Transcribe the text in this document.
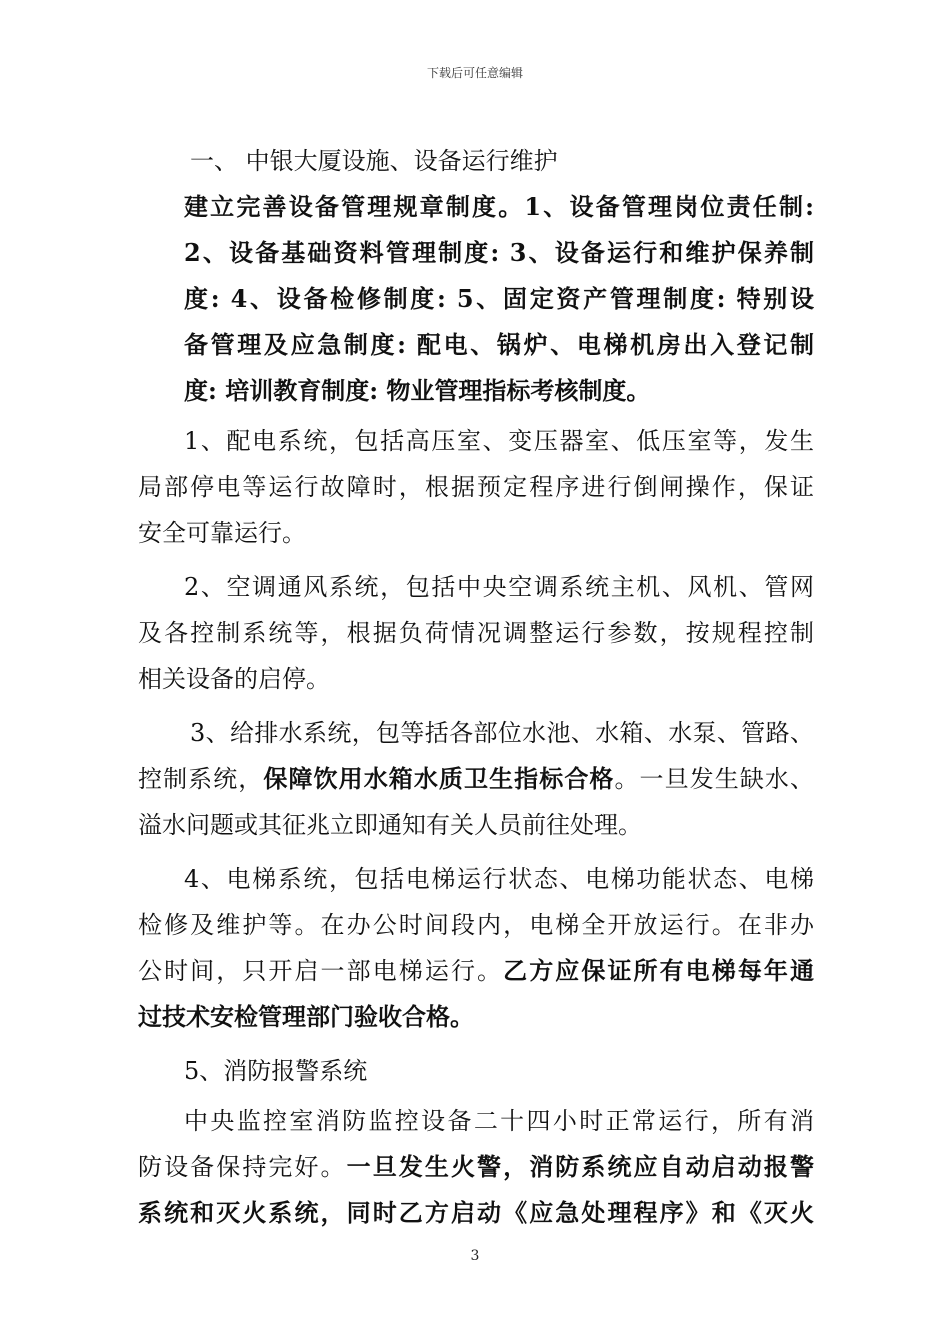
下载后可任意编辑
一、 中银大厦设施、设备运行维护
建立完善设备管理规章制度。1、设备管理岗位责任制:
2、设备基础资料管理制度: 3、设备运行和维护保养制
度: 4、设备检修制度: 5、固定资产管理制度: 特别设
备管理及应急制度: 配电、锅炉、电梯机房出入登记制
度: 培训教育制度: 物业管理指标考核制度。
1、配电系统，包括高压室、变压器室、低压室等，发生
局部停电等运行故障时，根据预定程序进行倒闸操作，保证
安全可靠运行。
2、空调通风系统，包括中央空调系统主机、风机、管网
及各控制系统等，根据负荷情况调整运行参数，按规程控制
相关设备的启停。
3、给排水系统，包等括各部位水池、水箱、水泵、管路、
控制系统，保障饮用水箱水质卫生指标合格。一旦发生缺水、
溢水问题或其征兆立即通知有关人员前往处理。
4、电梯系统，包括电梯运行状态、电梯功能状态、电梯
检修及维护等。在办公时间段内，电梯全开放运行。在非办
公时间，只开启一部电梯运行。乙方应保证所有电梯每年通
过技术安检管理部门验收合格。
5、消防报警系统
中央监控室消防监控设备二十四小时正常运行，所有消
防设备保持完好。一旦发生火警，消防系统应自动启动报警
系统和灭火系统，同时乙方启动《应急处理程序》和《灭火
3
